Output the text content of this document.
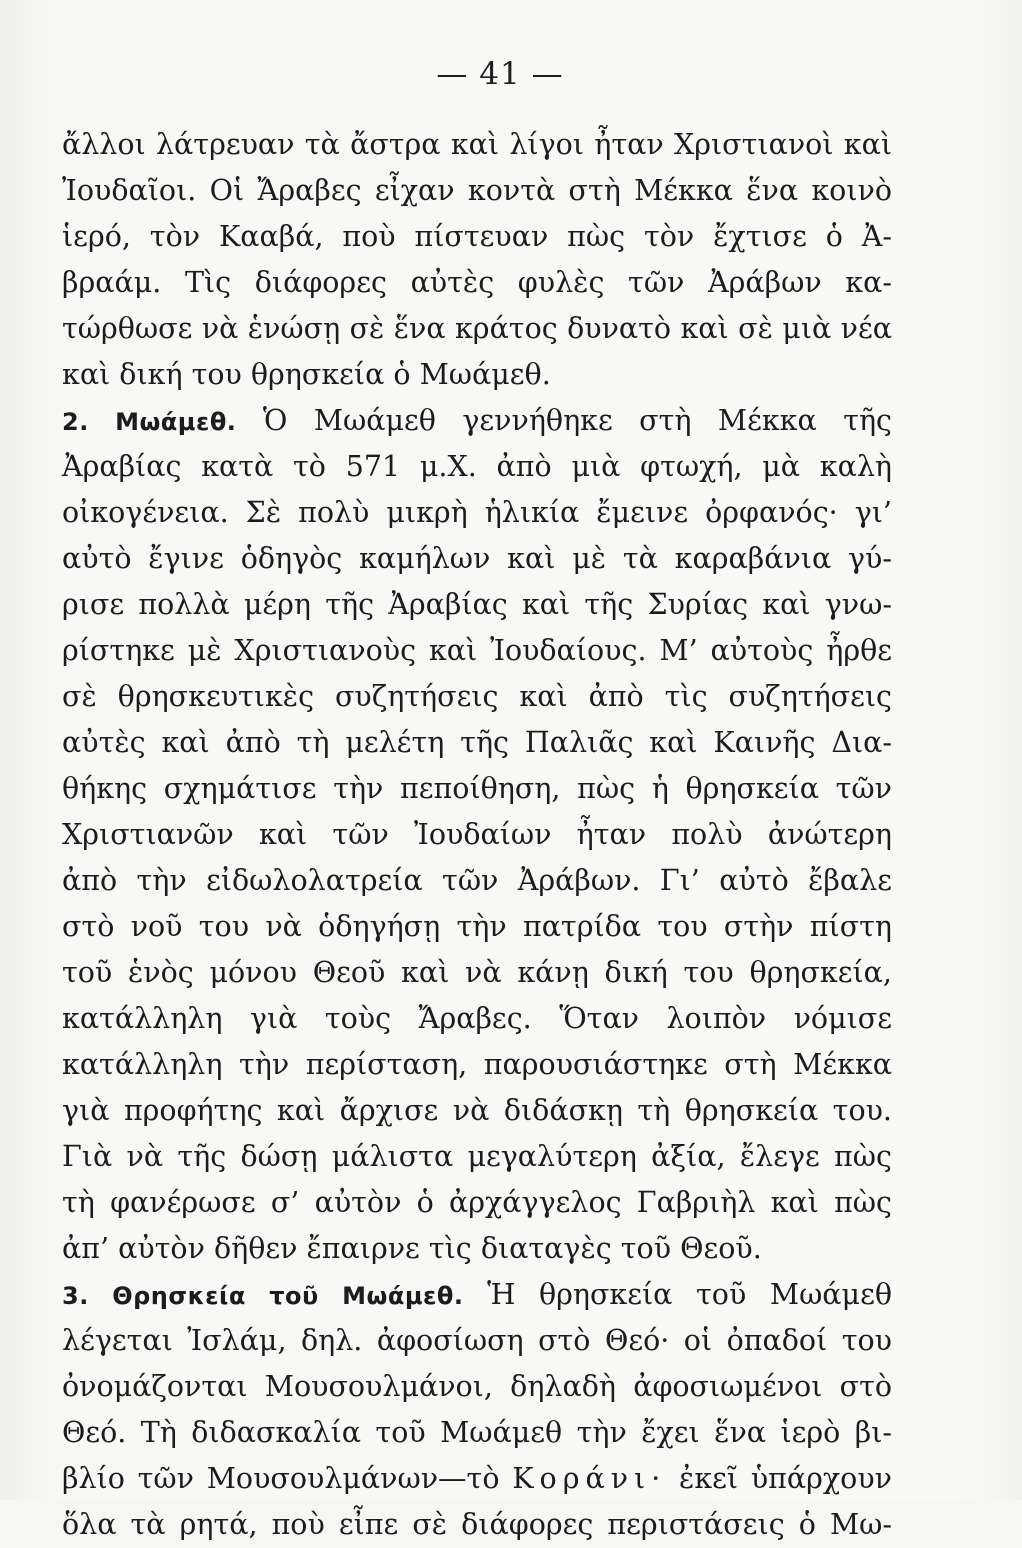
— 41 —
ἄλλοι λάτρευαν τὰ ἄστρα καὶ λίγοι ἦταν Χριστιανοὶ καὶ
Ἰουδαῖοι. Οἱ Ἄραβες εἶχαν κοντὰ στὴ Μέκκα ἕνα κοινὸ
ἱερό, τὸν Κααβά, ποὺ πίστευαν πὼς τὸν ἔχτισε ὁ Ἀ-
βραάμ. Τὶς διάφορες αὐτὲς φυλὲς τῶν Ἀράβων κα-
τώρθωσε νὰ ἑνώσῃ σὲ ἕνα κράτος δυνατὸ καὶ σὲ μιὰ νέα
καὶ δική του θρησκεία ὁ Μωάμεθ.
2. Μωάμεθ. Ὁ Μωάμεθ γεννήθηκε στὴ Μέκκα τῆς
Ἀραβίας κατὰ τὸ 571 μ.Χ. ἀπὸ μιὰ φτωχή, μὰ καλὴ
οἰκογένεια. Σὲ πολὺ μικρὴ ἡλικία ἔμεινε ὀρφανός· γι’
αὐτὸ ἔγινε ὁδηγὸς καμήλων καὶ μὲ τὰ καραβάνια γύ-
ρισε πολλὰ μέρη τῆς Ἀραβίας καὶ τῆς Συρίας καὶ γνω-
ρίστηκε μὲ Χριστιανοὺς καὶ Ἰουδαίους. Μ’ αὐτοὺς ἦρθε
σὲ θρησκευτικὲς συζητήσεις καὶ ἀπὸ τὶς συζητήσεις
αὐτὲς καὶ ἀπὸ τὴ μελέτη τῆς Παλιᾶς καὶ Καινῆς Δια-
θήκης σχημάτισε τὴν πεποίθηση, πὼς ἡ θρησκεία τῶν
Χριστιανῶν καὶ τῶν Ἰουδαίων ἦταν πολὺ ἀνώτερη
ἀπὸ τὴν εἰδωλολατρεία τῶν Ἀράβων. Γι’ αὐτὸ ἔβαλε
στὸ νοῦ του νὰ ὁδηγήσῃ τὴν πατρίδα του στὴν πίστη
τοῦ ἑνὸς μόνου Θεοῦ καὶ νὰ κάνῃ δική του θρησκεία,
κατάλληλη γιὰ τοὺς Ἄραβες. Ὅταν λοιπὸν νόμισε
κατάλληλη τὴν περίσταση, παρουσιάστηκε στὴ Μέκκα
γιὰ προφήτης καὶ ἄρχισε νὰ διδάσκῃ τὴ θρησκεία του.
Γιὰ νὰ τῆς δώσῃ μάλιστα μεγαλύτερη ἀξία, ἔλεγε πὼς
τὴ φανέρωσε σ’ αὐτὸν ὁ ἀρχάγγελος Γαβριὴλ καὶ πὼς
ἀπ’ αὐτὸν δῆθεν ἔπαιρνε τὶς διαταγὲς τοῦ Θεοῦ.
3. Θρησκεία τοῦ Μωάμεθ. Ἡ θρησκεία τοῦ Μωάμεθ
λέγεται Ἰσλάμ, δηλ. ἀφοσίωση στὸ Θεό· οἱ ὀπαδοί του
ὀνομάζονται Μουσουλμάνοι, δηλαδὴ ἀφοσιωμένοι στὸ
Θεό. Τὴ διδασκαλία τοῦ Μωάμεθ τὴν ἔχει ἕνα ἱερὸ βι-
βλίο τῶν Μουσουλμάνων—τὸ Κοράνι· ἐκεῖ ὑπάρχουν
ὅλα τὰ ρητά, ποὺ εἶπε σὲ διάφορες περιστάσεις ὁ Μω-
